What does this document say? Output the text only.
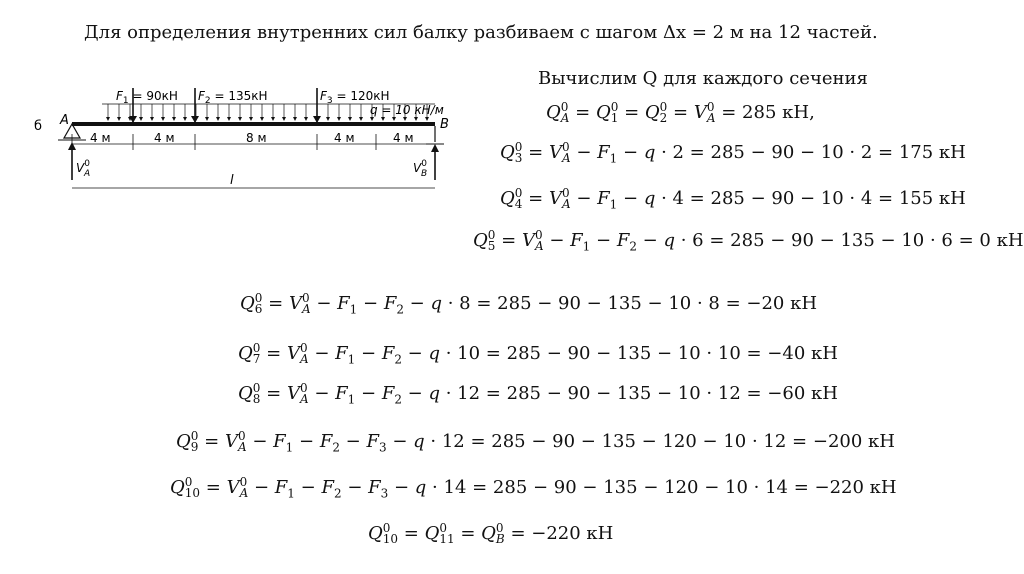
Для определения внутренних сил балку разбиваем с шагом Δx = 2 м на 12 частей.
б A	B
$F_1 = 90кН$ $F_2 = 135кН$	$F_3 = 120кН$
q = 10 кН/м
4 м	4 м	8 м	4 м	4 м
$V^0$ A	$V^0$ B
l
Вычислим Q для каждого сечения
Q 0
A = Q 0
1 = Q 0
2 = V 0
A = 285 кН,
Q 0
3 = V 0
$A - F_1 - q \cdot 2 = 285 - 90 - 10 \cdot 2 = 175$ кН
Q 0
4 = V 0
$A - F_1 - q \cdot 4 = 285 - 90 - 10 \cdot 4 = 155$ кН
Q 0
5 = V 0
$A - F_1 - F_2 - q \cdot 6 = 285 - 90 - 135 - 10 \cdot 6 = 0$ кН
Q 0
6 = V 0
$A - F_1 - F_2 - q \cdot 8 = 285 - 90 - 135 - 10 \cdot 8 = -20$ кН
Q 0
7 = V 0
$A - F_1 - F_2 - q \cdot 10 = 285 - 90 - 135 - 10 \cdot 10 = -40$ кН
Q 0
8 = V 0
$A - F_1 - F_2 - q \cdot 12 = 285 - 90 - 135 - 10 \cdot 12 = -60$ кН
Q 0
9 = V 0
$A - F_1 - F_2 - F_3 - q \cdot 12 = 285 - 90 - 135 - 120 - 10 \cdot 12 = -200$ кН
Q 0
10 = V 0
$A - F_1 - F_2 - F_3 - q \cdot 14 = 285 - 90 - 135 - 120 - 10 \cdot 14 = -220$ кН
Q 0
10 = Q 0
11 = Q 0
B = −220 кН
